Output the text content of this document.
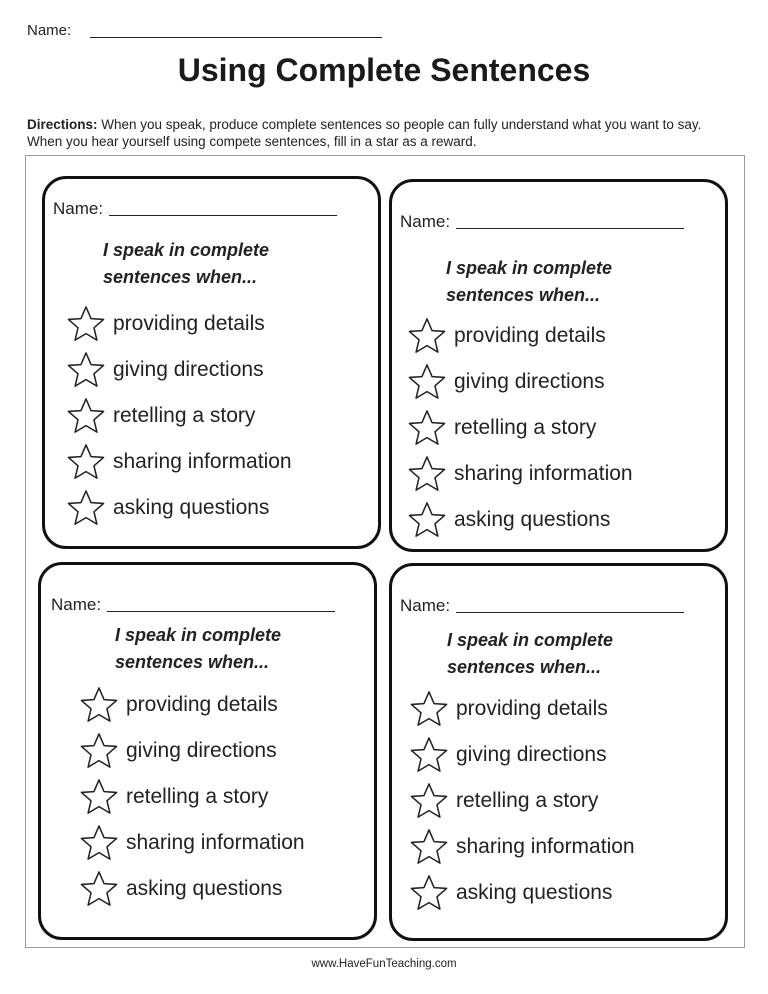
Name:
Using Complete Sentences
Directions: When you speak, produce complete sentences so people can fully understand what you want to say. When you hear yourself using compete sentences, fill in a star as a reward.
Name:
I speak in complete
sentences when...
providing details
giving directions
retelling a story
sharing information
asking questions
Name:
I speak in complete
sentences when...
providing details
giving directions
retelling a story
sharing information
asking questions
Name:
I speak in complete
sentences when...
providing details
giving directions
retelling a story
sharing information
asking questions
Name:
I speak in complete
sentences when...
providing details
giving directions
retelling a story
sharing information
asking questions
www.HaveFunTeaching.com
